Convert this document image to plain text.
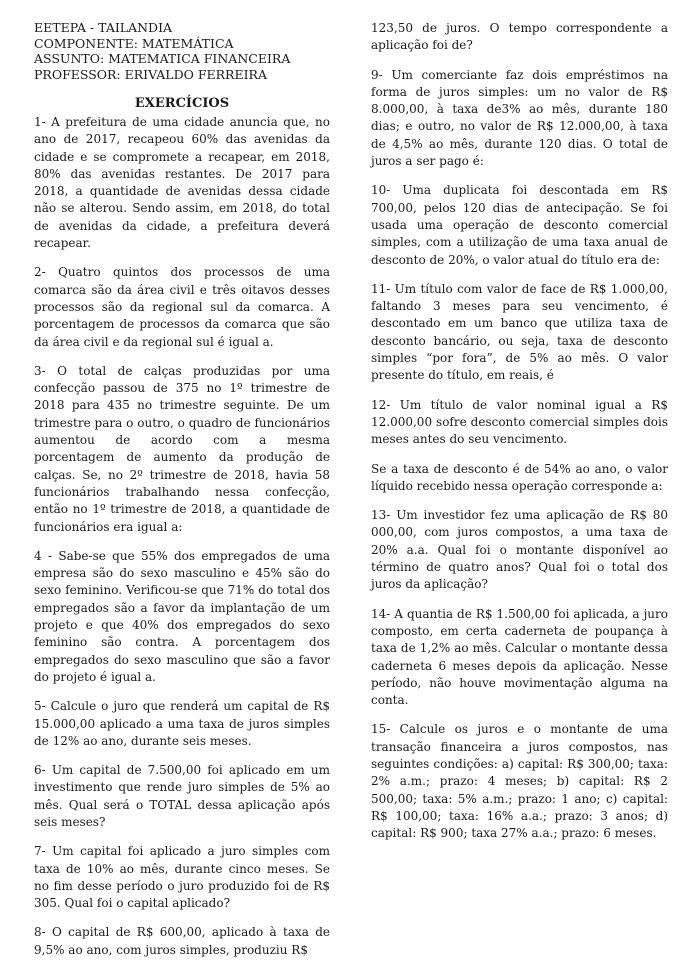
EETEPA - TAILANDIA

COMPONENTE: MATEMÁTICA

ASSUNTO: MATEMATICA FINANCEIRA

PROFESSOR: ERIVALDO FERREIRA

EXERCÍCIOS

1- A prefeitura de uma cidade anuncia que, no ano de 2017, recapeou 60% das avenidas da cidade e se compromete a recapear, em 2018, 80% das avenidas restantes. De 2017 para 2018, a quantidade de avenidas dessa cidade não se alterou. Sendo assim, em 2018, do total de avenidas da cidade, a prefeitura deverá recapear.

2- Quatro quintos dos processos de uma comarca são da área civil e três oitavos desses processos são da regional sul da comarca. A porcentagem de processos da comarca que são da área civil e da regional sul é igual a.

3- O total de calças produzidas por uma confecção passou de 375 no 1º trimestre de 2018 para 435 no trimestre seguinte. De um trimestre para o outro, o quadro de funcionários aumentou de acordo com a mesma porcentagem de aumento da produção de calças. Se, no 2º trimestre de 2018, havia 58 funcionários trabalhando nessa confecção, então no 1º trimestre de 2018, a quantidade de funcionários era igual a:

4 - Sabe-se que 55% dos empregados de uma empresa são do sexo masculino e 45% são do sexo feminino. Verificou-se que 71% do total dos empregados são a favor da implantação de um projeto e que 40% dos empregados do sexo feminino são contra. A porcentagem dos empregados do sexo masculino que são a favor do projeto é igual a.

5- Calcule o juro que renderá um capital de R$ 15.000,00 aplicado a uma taxa de juros simples de 12% ao ano, durante seis meses.

6- Um capital de 7.500,00 foi aplicado em um investimento que rende juro simples de 5% ao mês. Qual será o TOTAL dessa aplicação após seis meses?

7- Um capital foi aplicado a juro simples com taxa de 10% ao mês, durante cinco meses. Se no fim desse período o juro produzido foi de R$ 305. Qual foi o capital aplicado?

8- O capital de R$ 600,00, aplicado à taxa de 9,5% ao ano, com juros simples, produziu R$

123,50 de juros. O tempo correspondente a aplicação foi de?

9- Um comerciante faz dois empréstimos na forma de juros simples: um no valor de R$ 8.000,00, à taxa de3% ao mês, durante 180 dias; e outro, no valor de R$ 12.000,00, à taxa de 4,5% ao mês, durante 120 dias. O total de juros a ser pago é:

10- Uma duplicata foi descontada em R$ 700,00, pelos 120 dias de antecipação. Se foi usada uma operação de desconto comercial simples, com a utilização de uma taxa anual de desconto de 20%, o valor atual do título era de:

11- Um título com valor de face de R$ 1.000,00, faltando 3 meses para seu vencimento, é descontado em um banco que utiliza taxa de desconto bancário, ou seja, taxa de desconto simples “por fora”, de 5% ao mês. O valor presente do título, em reais, é

12- Um título de valor nominal igual a R$ 12.000,00 sofre desconto comercial simples dois meses antes do seu vencimento.

Se a taxa de desconto é de 54% ao ano, o valor líquido recebido nessa operação corresponde a:

13- Um investidor fez uma aplicação de R$ 80 000,00, com juros compostos, a uma taxa de 20% a.a. Qual foi o montante disponível ao término de quatro anos? Qual foi o total dos juros da aplicação?

14- A quantia de R$ 1.500,00 foi aplicada, a juro composto, em certa caderneta de poupança à taxa de 1,2% ao mês. Calcular o montante dessa caderneta 6 meses depois da aplicação. Nesse período, não houve movimentação alguma na conta.

15- Calcule os juros e o montante de uma transação financeira a juros compostos, nas seguintes condições: a) capital: R$ 300,00; taxa: 2% a.m.; prazo: 4 meses; b) capital: R$ 2 500,00; taxa: 5% a.m.; prazo: 1 ano; c) capital: R$ 100,00; taxa: 16% a.a.; prazo: 3 anos; d) capital: R$ 900; taxa 27% a.a.; prazo: 6 meses.
